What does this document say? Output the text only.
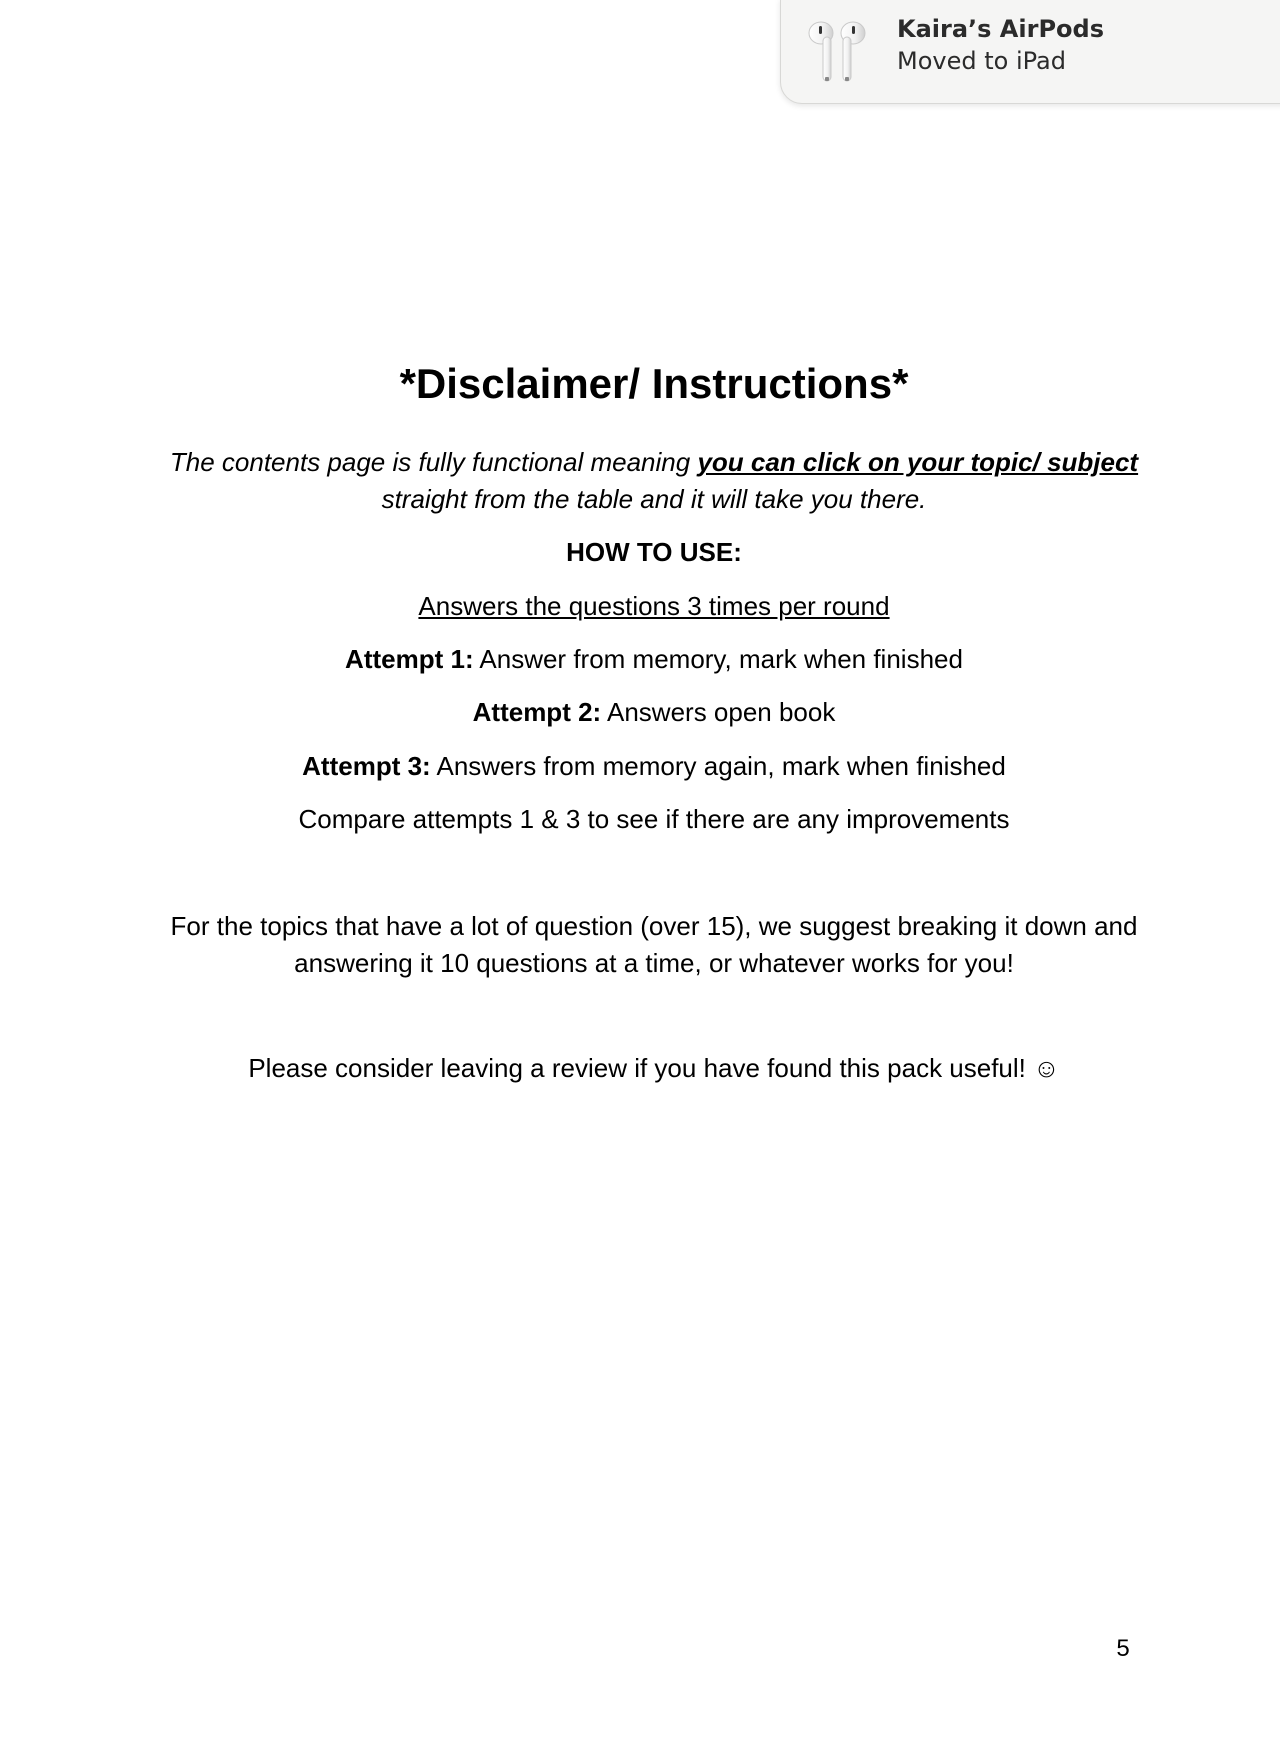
*Disclaimer/ Instructions*

The contents page is fully functional meaning you can click on your topic/ subject straight from the table and it will take you there.

HOW TO USE:

Answers the questions 3 times per round

Attempt 1: Answer from memory, mark when finished

Attempt 2: Answers open book

Attempt 3: Answers from memory again, mark when finished

Compare attempts 1 & 3 to see if there are any improvements

For the topics that have a lot of question (over 15), we suggest breaking it down and answering it 10 questions at a time, or whatever works for you!

Please consider leaving a review if you have found this pack useful! ☺

5
Kaira’s AirPods
Moved to iPad
